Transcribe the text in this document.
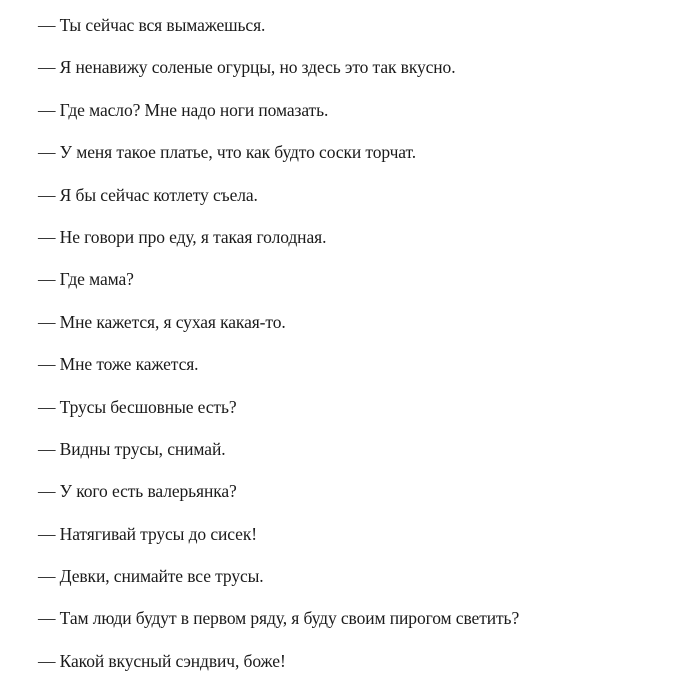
— Ты сейчас вся вымажешься.
— Я ненавижу соленые огурцы, но здесь это так вкусно.
— Где масло? Мне надо ноги помазать.
— У меня такое платье, что как будто соски торчат.
— Я бы сейчас котлету съела.
— Не говори про еду, я такая голодная.
— Где мама?
— Мне кажется, я сухая какая-то.
— Мне тоже кажется.
— Трусы бесшовные есть?
— Видны трусы, снимай.
— У кого есть валерьянка?
— Натягивай трусы до сисек!
— Девки, снимайте все трусы.
— Там люди будут в первом ряду, я буду своим пирогом светить?
— Какой вкусный сэндвич, боже!
